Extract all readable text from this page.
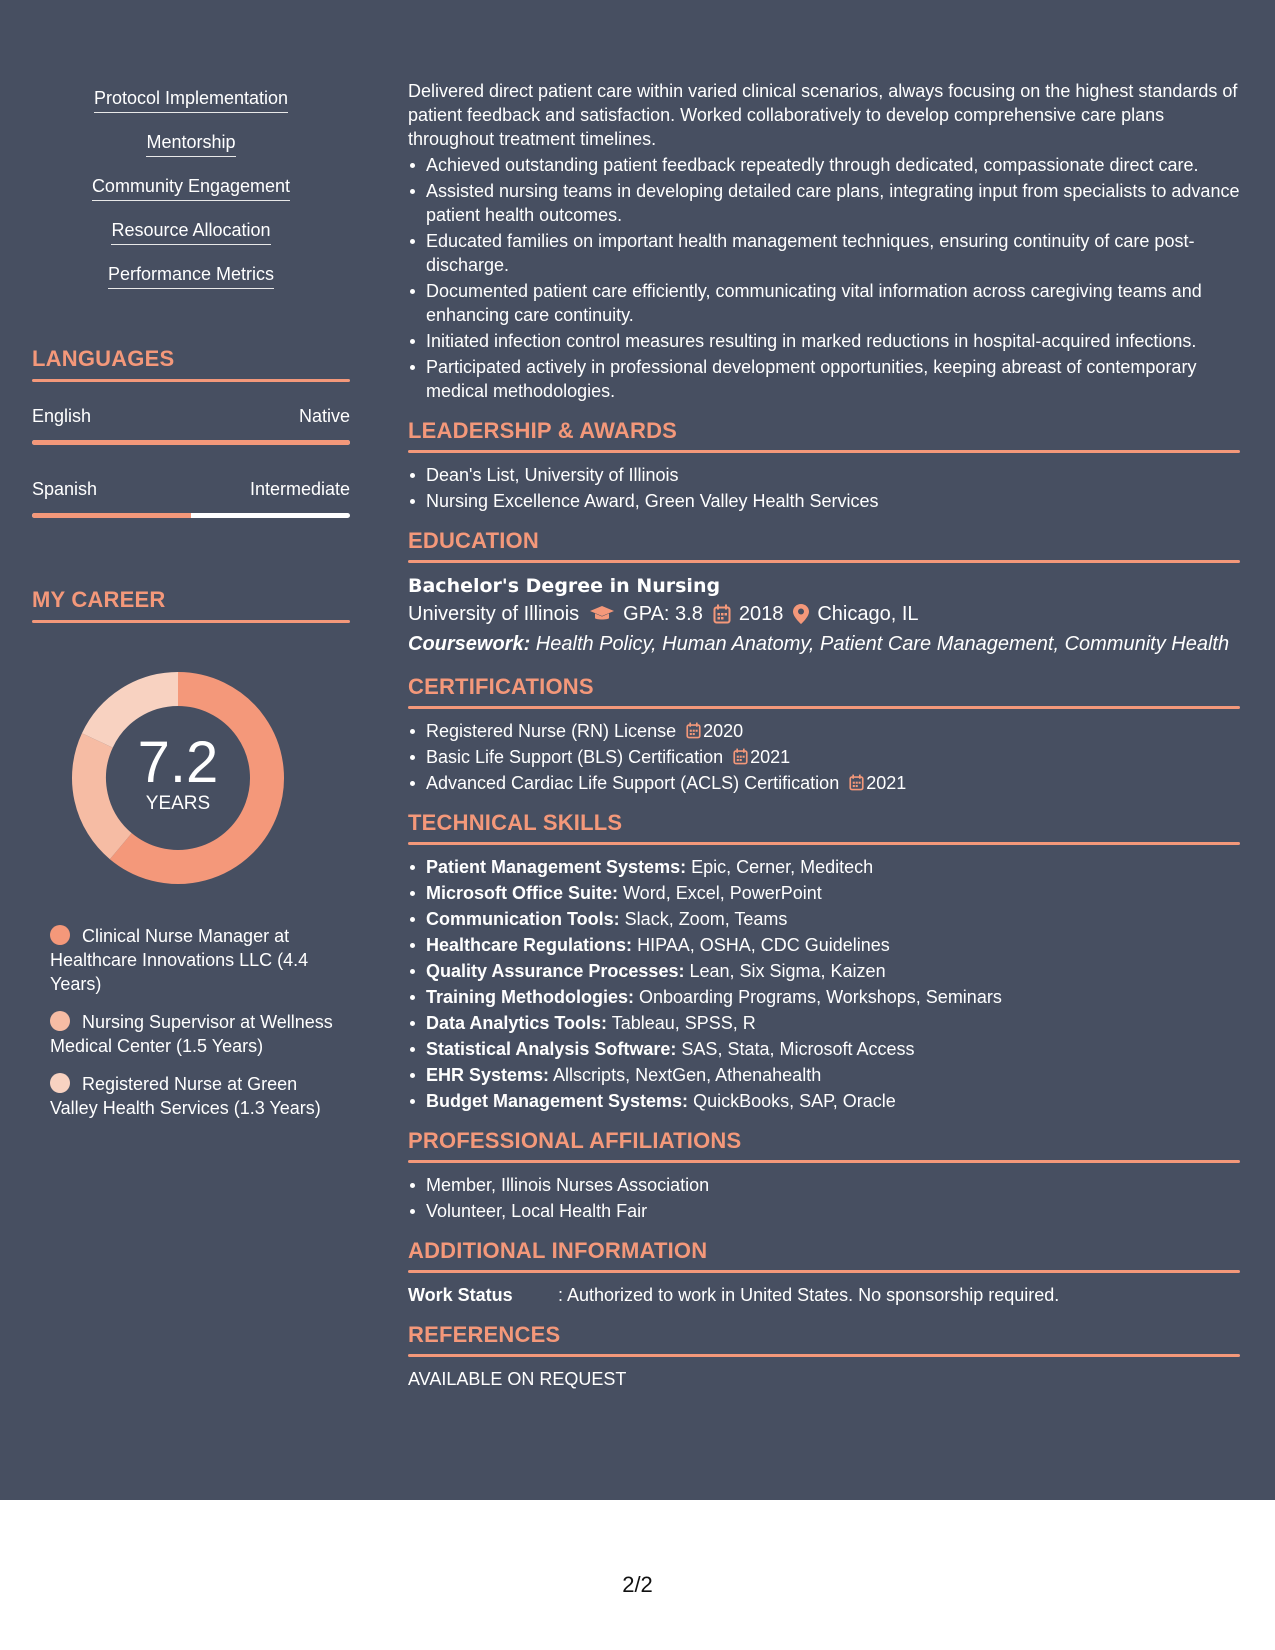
Protocol Implementation
Mentorship
Community Engagement
Resource Allocation
Performance Metrics
LANGUAGES
English	Native
Spanish	Intermediate
MY CAREER
7.2
YEARS
Clinical Nurse Manager at Healthcare Innovations LLC (4.4 Years)
Nursing Supervisor at Wellness Medical Center (1.5 Years)
Registered Nurse at Green Valley Health Services (1.3 Years)

Delivered direct patient care within varied clinical scenarios, always focusing on the highest standards of patient feedback and satisfaction. Worked collaboratively to develop comprehensive care plans throughout treatment timelines.

Achieved outstanding patient feedback repeatedly through dedicated, compassionate direct care.
Assisted nursing teams in developing detailed care plans, integrating input from specialists to advance patient health outcomes.
Educated families on important health management techniques, ensuring continuity of care post-discharge.
Documented patient care efficiently, communicating vital information across caregiving teams and enhancing care continuity.
Initiated infection control measures resulting in marked reductions in hospital-acquired infections.
Participated actively in professional development opportunities, keeping abreast of contemporary medical methodologies.
LEADERSHIP & AWARDS
Dean's List, University of Illinois
Nursing Excellence Award, Green Valley Health Services
EDUCATION
Bachelor's Degree in Nursing
University of Illinois GPA: 3.8 2018 Chicago, IL
Coursework: Health Policy, Human Anatomy, Patient Care Management, Community Health
CERTIFICATIONS
Registered Nurse (RN) License 2020
Basic Life Support (BLS) Certification 2021
Advanced Cardiac Life Support (ACLS) Certification 2021
TECHNICAL SKILLS
Patient Management Systems: Epic, Cerner, Meditech
Microsoft Office Suite: Word, Excel, PowerPoint
Communication Tools: Slack, Zoom, Teams
Healthcare Regulations: HIPAA, OSHA, CDC Guidelines
Quality Assurance Processes: Lean, Six Sigma, Kaizen
Training Methodologies: Onboarding Programs, Workshops, Seminars
Data Analytics Tools: Tableau, SPSS, R
Statistical Analysis Software: SAS, Stata, Microsoft Access
EHR Systems: Allscripts, NextGen, Athenahealth
Budget Management Systems: QuickBooks, SAP, Oracle
PROFESSIONAL AFFILIATIONS
Member, Illinois Nurses Association
Volunteer, Local Health Fair
ADDITIONAL INFORMATION
Work Status	: Authorized to work in United States. No sponsorship required.
REFERENCES
AVAILABLE ON REQUEST
2/2
